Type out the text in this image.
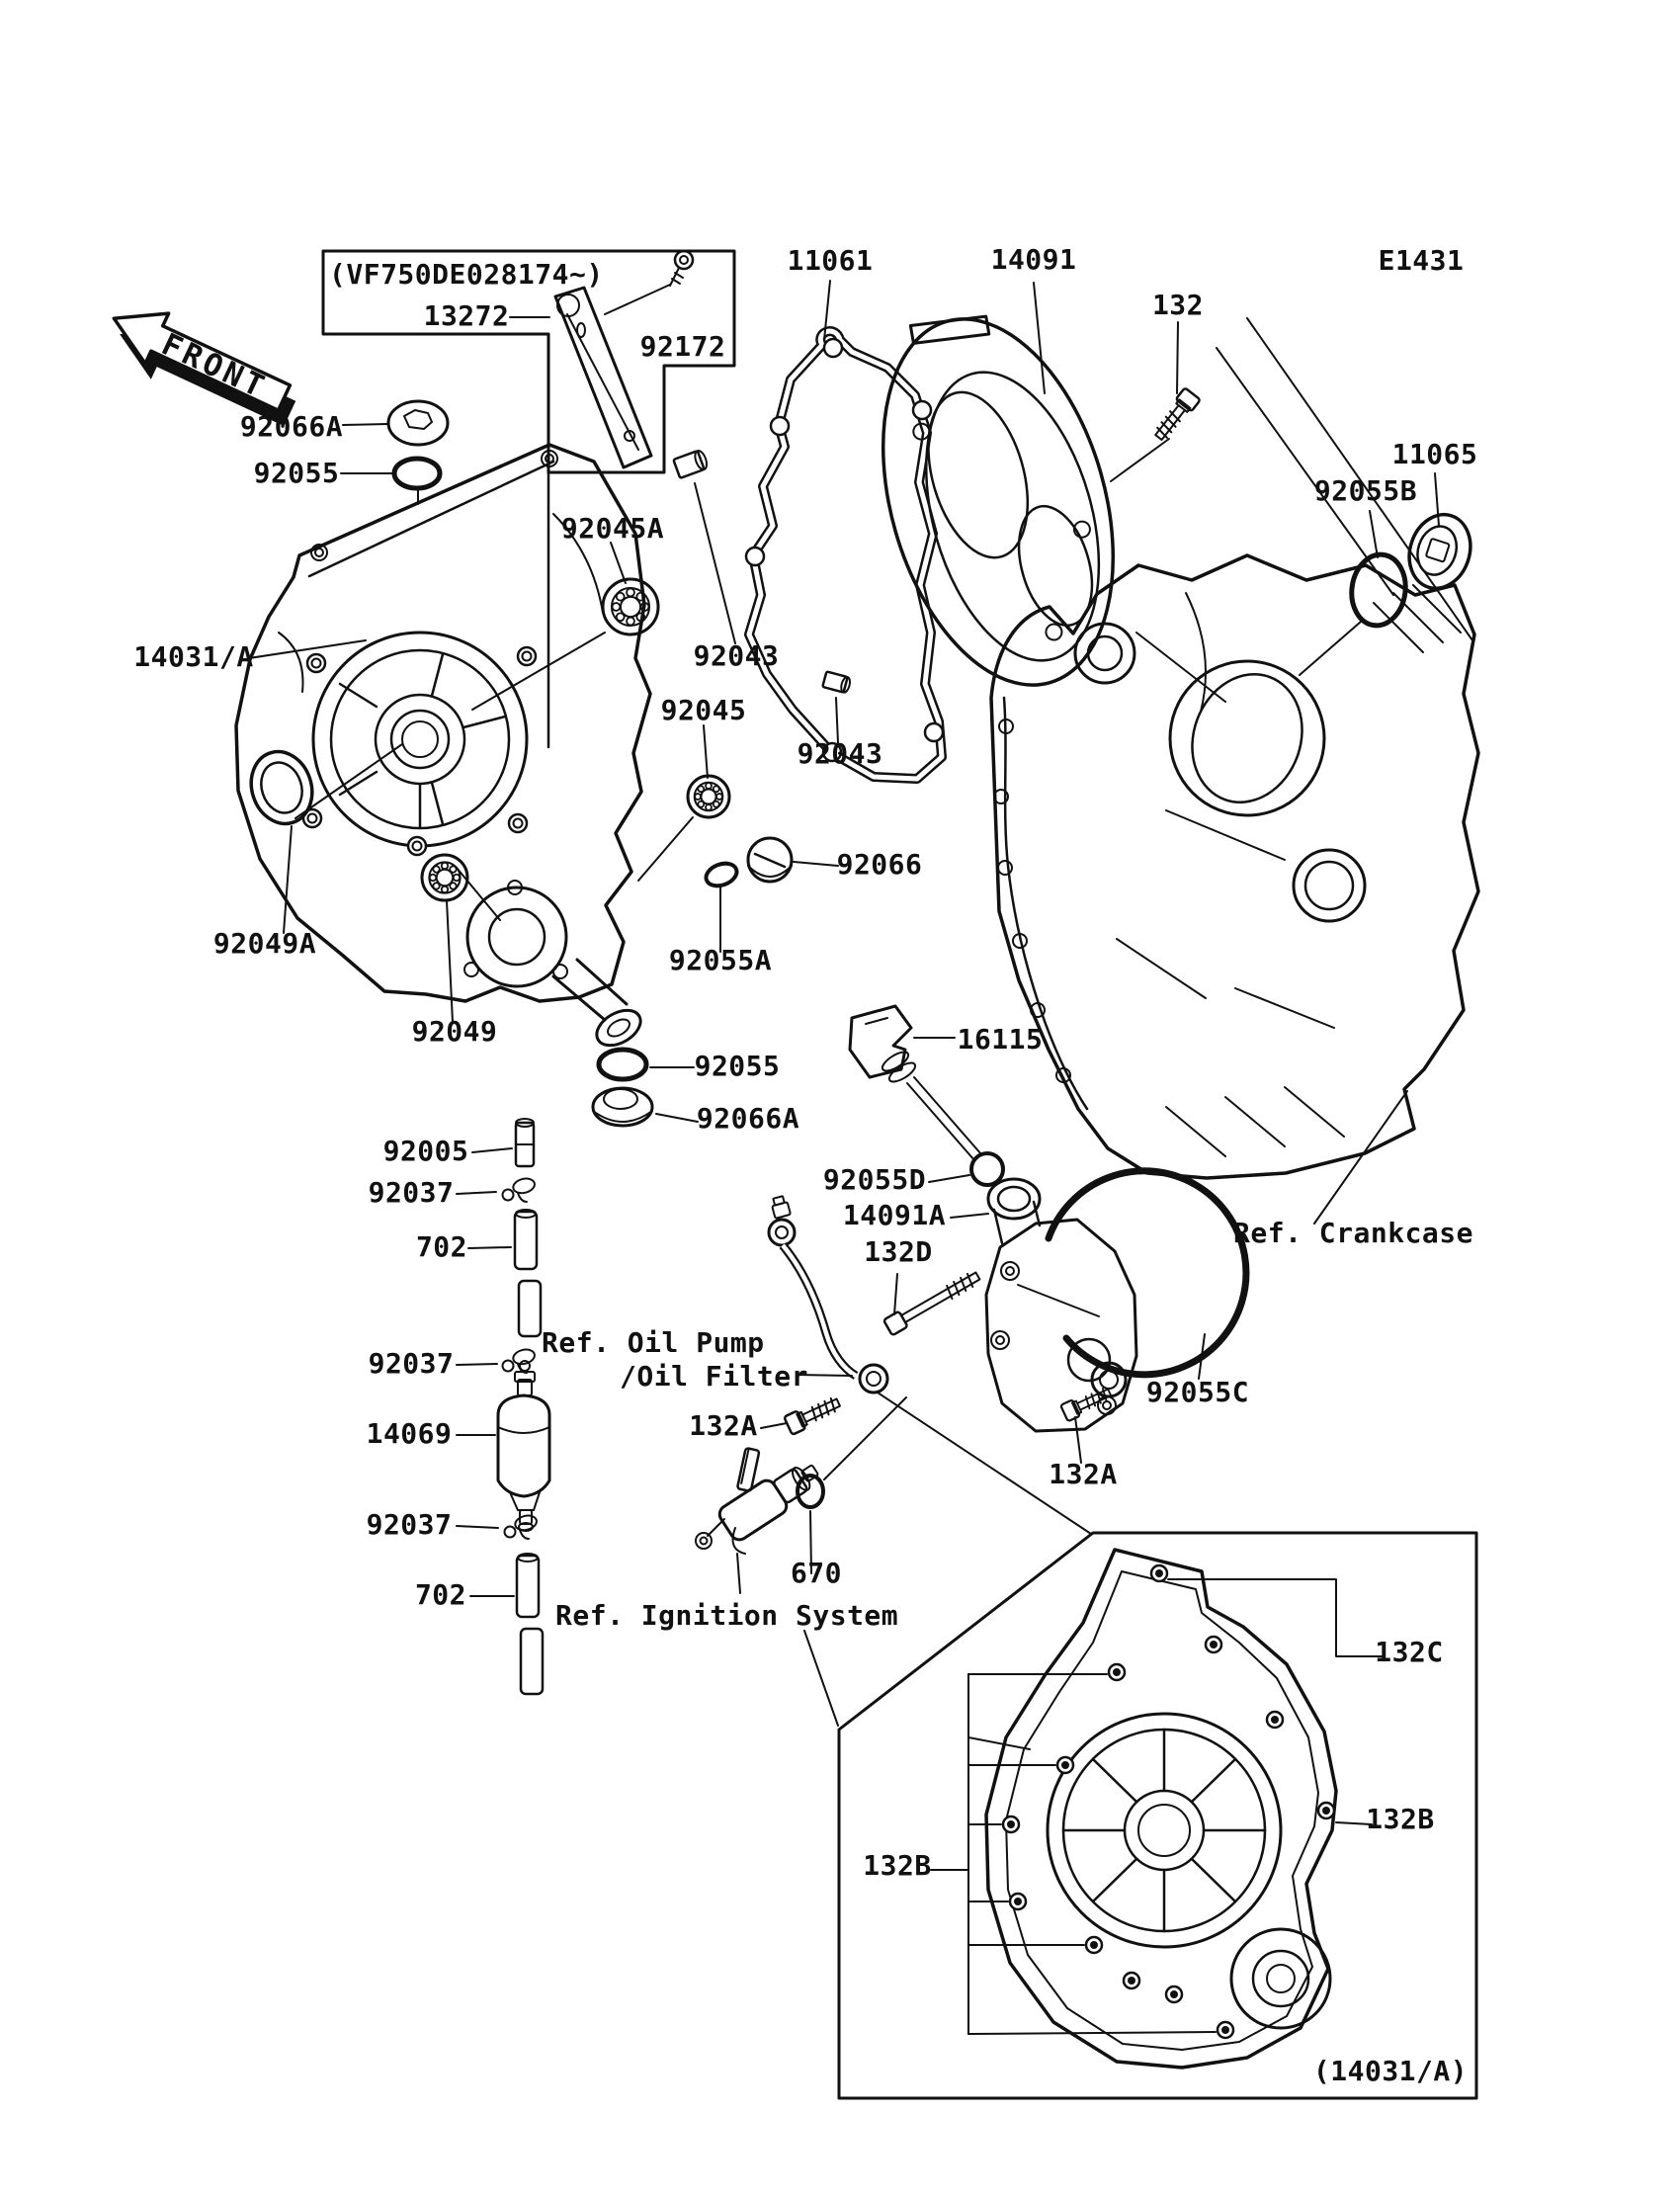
FRONT
E1431
(VF750DE028174~)
13272
92172
92066A
92055
11061	14091
132
11065
92055B
92045A
14031/A	92043
92045
92043
92066
92049A
92055A
92049	16115
92055
92066A
92005
92037
702
92055D
14091A
132D
Ref. Crankcase
92037
Ref. Oil Pump
/Oil Filter	92055C
14069	132A
132A
92037
670
702
Ref. Ignition System
132C
132B
132B
(14031/A)
